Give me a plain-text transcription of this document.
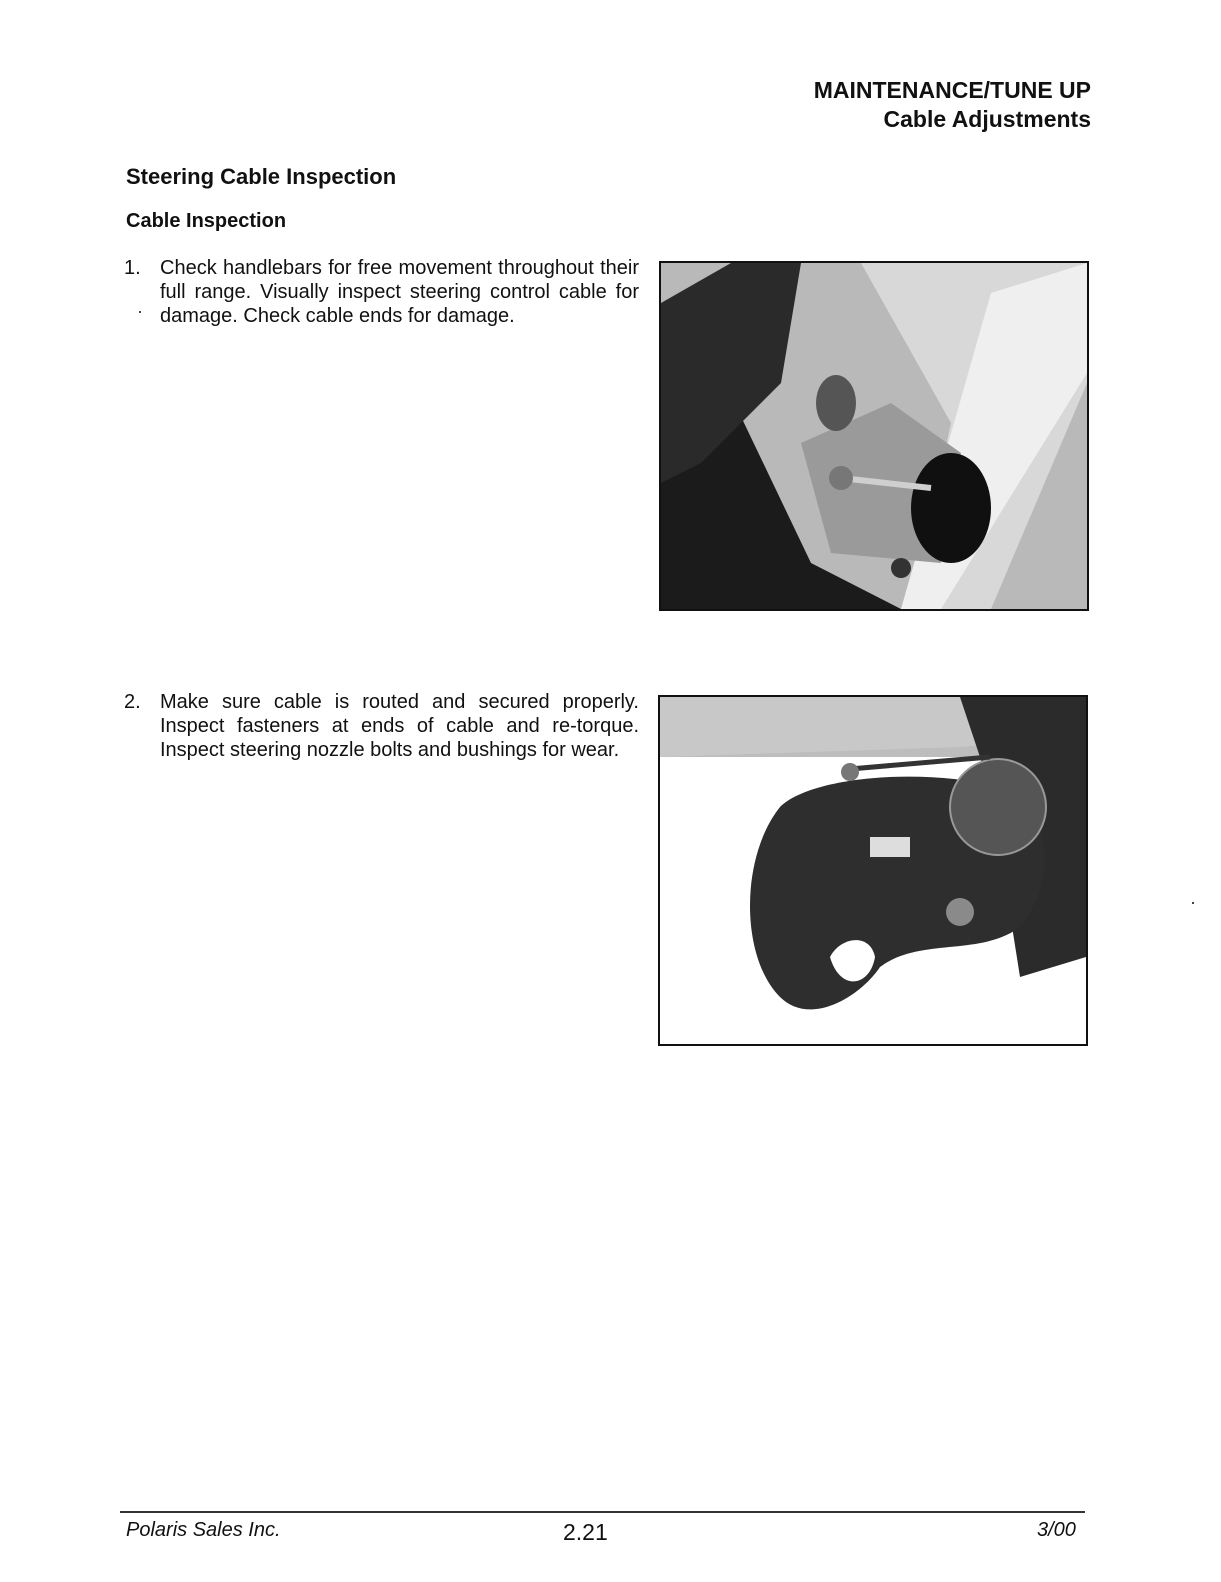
MAINTENANCE/TUNE UP
Cable Adjustments
Steering Cable Inspection
Cable Inspection
1. Check handlebars for free movement throughout their full range. Visually inspect steering control cable for damage. Check cable ends for damage.
2. Make sure cable is routed and secured properly. Inspect fasteners at ends of cable and re-torque. Inspect steering nozzle bolts and bushings for wear.
Polaris Sales Inc.	2.21	3/00
